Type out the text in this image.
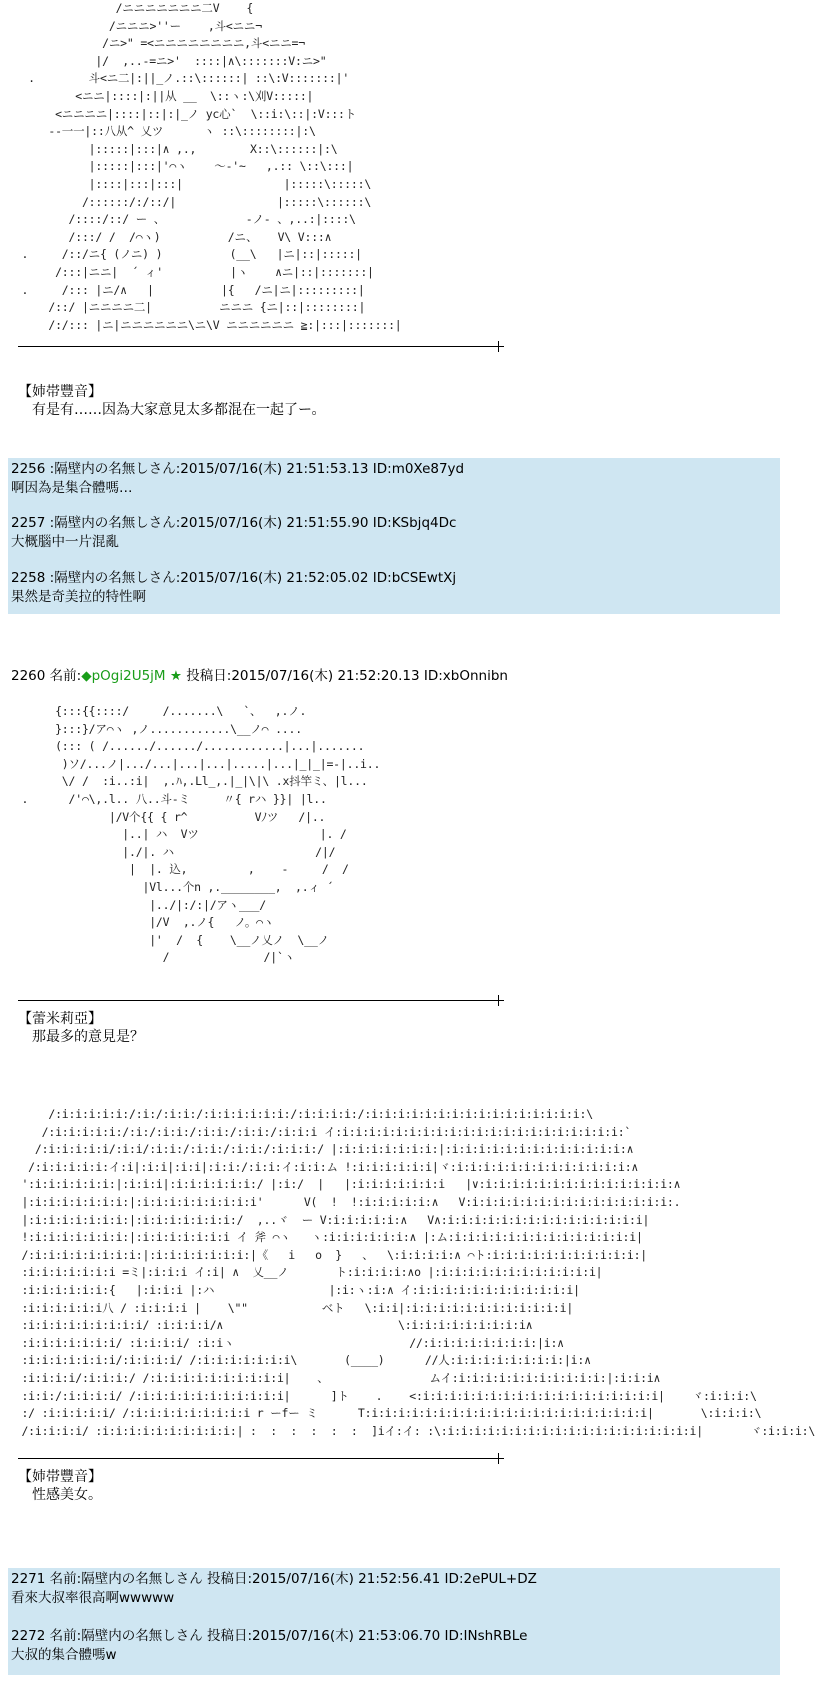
/ニニニニニニニ二V    {
/ニニニ>''ー    ,斗<ニニ¬
/ニ>" =<ニニニニニニニニ,斗<ニニ=¬
|/  ,..-=ニ>'  ::::|∧\:::::::V:ニ>"
.        斗<ニ二|:||_ノ.::\::::::| ::\:V:::::::|'
<ニニ|::::|:||从 __  \::ヽ:\刈V:::::|
<ニニニニ|::::|::|:|_ノ yc心`  \::i:\::|:V:::ト
--一一|::八从^ 乂ツ      ヽ ::\::::::::|:\
|:::::|:::|∧ ,.,        X::\::::::|:\
|:::::|:::|'⌒ヽ    ～-'~   ,.:: \::\:::|
|::::|:::|:::|               |:::::\:::::\
/::::::/:/::/|               |:::::\::::::\
/::::/::/ ー 、            -ノ- 、,..:|::::\
/:::/ /  /⌒ヽ)          /ニ、   V\ V:::∧
.     /::/ニ{ (ノニ) )          (__\   |ニ|::|:::::|
/:::|ニニ|  ´ ィ'          |ヽ    ∧ニ|::|:::::::|
.     /::: |ニ/∧   |          |{   /ニ|ニ|:::::::::|
/::/ |ニニニニ二|          ニニニ {ニ|::|::::::::|
/:/::: |ニ|ニニニニニニ\ニ\V ニニニニニニ ≧:|:::|:::::::|
【姉帯豐音】
有是有……因為大家意見太多都混在一起了ー。
2256 :隔壁内の名無しさん:2015/07/16(木) 21:51:53.13 ID:m0Xe87yd
啊因為是集合體嗎…
2257 :隔壁内の名無しさん:2015/07/16(木) 21:51:55.90 ID:KSbjq4Dc
大概腦中一片混亂
2258 :隔壁内の名無しさん:2015/07/16(木) 21:52:05.02 ID:bCSEwtXj
果然是奇美拉的特性啊
2260 名前:◆pOgi2U5jM ★ 投稿日:2015/07/16(木) 21:52:20.13 ID:xbOnnibn
{:::{{::::/     /.......\   `、  ,.ノ.
}:::}/ア⌒ヽ ,ノ............\__ノ⌒ ....
(::: ( /....../....../............|...|.......
)ソ/...ノ|.../...|...|...|.....|...|_|_|=-|..i..
\/ /  :i..:i|  ,.ﾊ,.Ll_,.|_|\|\ .x抖竿ミ、|l...
.      /'⌒\,.l.. 八..斗-ミ     〃{ rハ }}| |l..
|/V个{{ { r^          Vﾉツ   /|..
|..| ハ  Vツ                  |. /
|./|. ハ                     /|/
|  |. 込,         ,    -     /  /
|Vl...个n ,.________,  ,.ィ ´
|../|:/:|/アヽ___/
|/V  ,.ノ{   ノ。⌒ヽ
|'  /  {    \__ノ乂ノ  \__ノ
/              /|`ヽ
【蕾米莉亞】
那最多的意見是？
/:i:i:i:i:i:/:i:/:i:i:/:i:i:i:i:i:i:/:i:i:i:i:/:i:i:i:i:i:i:i:i:i:i:i:i:i:i:i:i:\
/:i:i:i:i:i:/:i:/:i:i:/:i:i:/:i:i:/:i:i:i イ:i:i:i:i:i:i:i:i:i:i:i:i:i:i:i:i:i:i:i:i:i:`
/:i:i:i:i:i/:i:i/:i:i:/:i:i:/:i:i:/:i:i:i:/ |:i:i:i:i:i:i:i:|:i:i:i:i:i:i:i:i:i:i:i:i:i:∧
/:i:i:i:i:i:イ:i|:i:i|:i:i|:i:i:/:i:i:イ:i:i:ム !:i:i:i:i:i:i|ヾ:i:i:i:i:i:i:i:i:i:i:i:i:i:∧
':i:i:i:i:i:i:|:i:i:i|:i:i:i:i:i:i:/ |:i:/  |   |:i:i:i:i:i:i:i   |∨:i:i:i:i:i:i:i:i:i:i:i:i:i:i:∧
|:i:i:i:i:i:i:i:|:i:i:i:i:i:i:i:i:i'      V(  !  !:i:i:i:i:i:∧   V:i:i:i:i:i:i:i:i:i:i:i:i:i:i:i:.
|:i:i:i:i:i:i:i:|:i:i:i:i:i:i:i:/  ,..ヾ  ー V:i:i:i:i:i:∧   V∧:i:i:i:i:i:i:i:i:i:i:i:i:i:i:i|
!:i:i:i:i:i:i:i:|:i:i:i:i:i:i:i イ 斧 ⌒ヽ   ヽ:i:i:i:i:i:i:∧ |:ム:i:i:i:i:i:i:i:i:i:i:i:i:i:i|
/:i:i:i:i:i:i:i:i:|:i:i:i:i:i:i:i:|《   i   o  }   、  \:i:i:i:i:∧ ⌒ト:i:i:i:i:i:i:i:i:i:i:i:|
:i:i:i:i:i:i:i =ミ|:i:i:i イ:i| ∧  乂__ノ       ト:i:i:i:i:∧o |:i:i:i:i:i:i:i:i:i:i:i:i|
:i:i:i:i:i:i:{   |:i:i:i |:ハ                 |:i:ヽ:i:∧ イ:i:i:i:i:i:i:i:i:i:i:i:i|
:i:i:i:i:i:i八 / :i:i:i:i |    \""           ベト   \:i:i|:i:i:i:i:i:i:i:i:i:i:i:i|
:i:i:i:i:i:i:i:i:i/ :i:i:i:i/∧                          \:i:i:i:i:i:i:i:i:i∧
:i:i:i:i:i:i:i/ :i:i:i:i/ :i:iヽ                          //:i:i:i:i:i:i:i:i:|i:∧
:i:i:i:i:i:i:i/:i:i:i:i/ /:i:i:i:i:i:i:i\       (____)      //人:i:i:i:i:i:i:i:i:|i:∧
:i:i:i:i/:i:i:i:/ /:i:i:i:i:i:i:i:i:i:i|    、               ムイ:i:i:i:i:i:i:i:i:i:i:i:|:i:i:i∧
:i:i:/:i:i:i:i/ /:i:i:i:i:i:i:i:i:i:i:i|      ]ト    .    <:i:i:i:i:i:i:i:i:i:i:i:i:i:i:i:i:i:i|    ヾ:i:i:i:\
:/ :i:i:i:i:i/ /:i:i:i:i:i:i:i:i:i r ーfー ミ      T:i:i:i:i:i:i:i:i:i:i:i:i:i:i:i:i:i:i:i:i:i|       \:i:i:i:\
/:i:i:i:i/ :i:i:i:i:i:i:i:i:i:i:| :  :  :  :  :  :  ]iイ:イ: :\:i:i:i:i:i:i:i:i:i:i:i:i:i:i:i:i:i:i:i|       ヾ:i:i:i:\
【姉帯豐音】
性感美女。
2271 名前:隔壁内の名無しさん 投稿日:2015/07/16(木) 21:52:56.41 ID:2ePUL+DZ
看來大叔率很高啊wwwww
2272 名前:隔壁内の名無しさん 投稿日:2015/07/16(木) 21:53:06.70 ID:INshRBLe
大叔的集合體嗎w
